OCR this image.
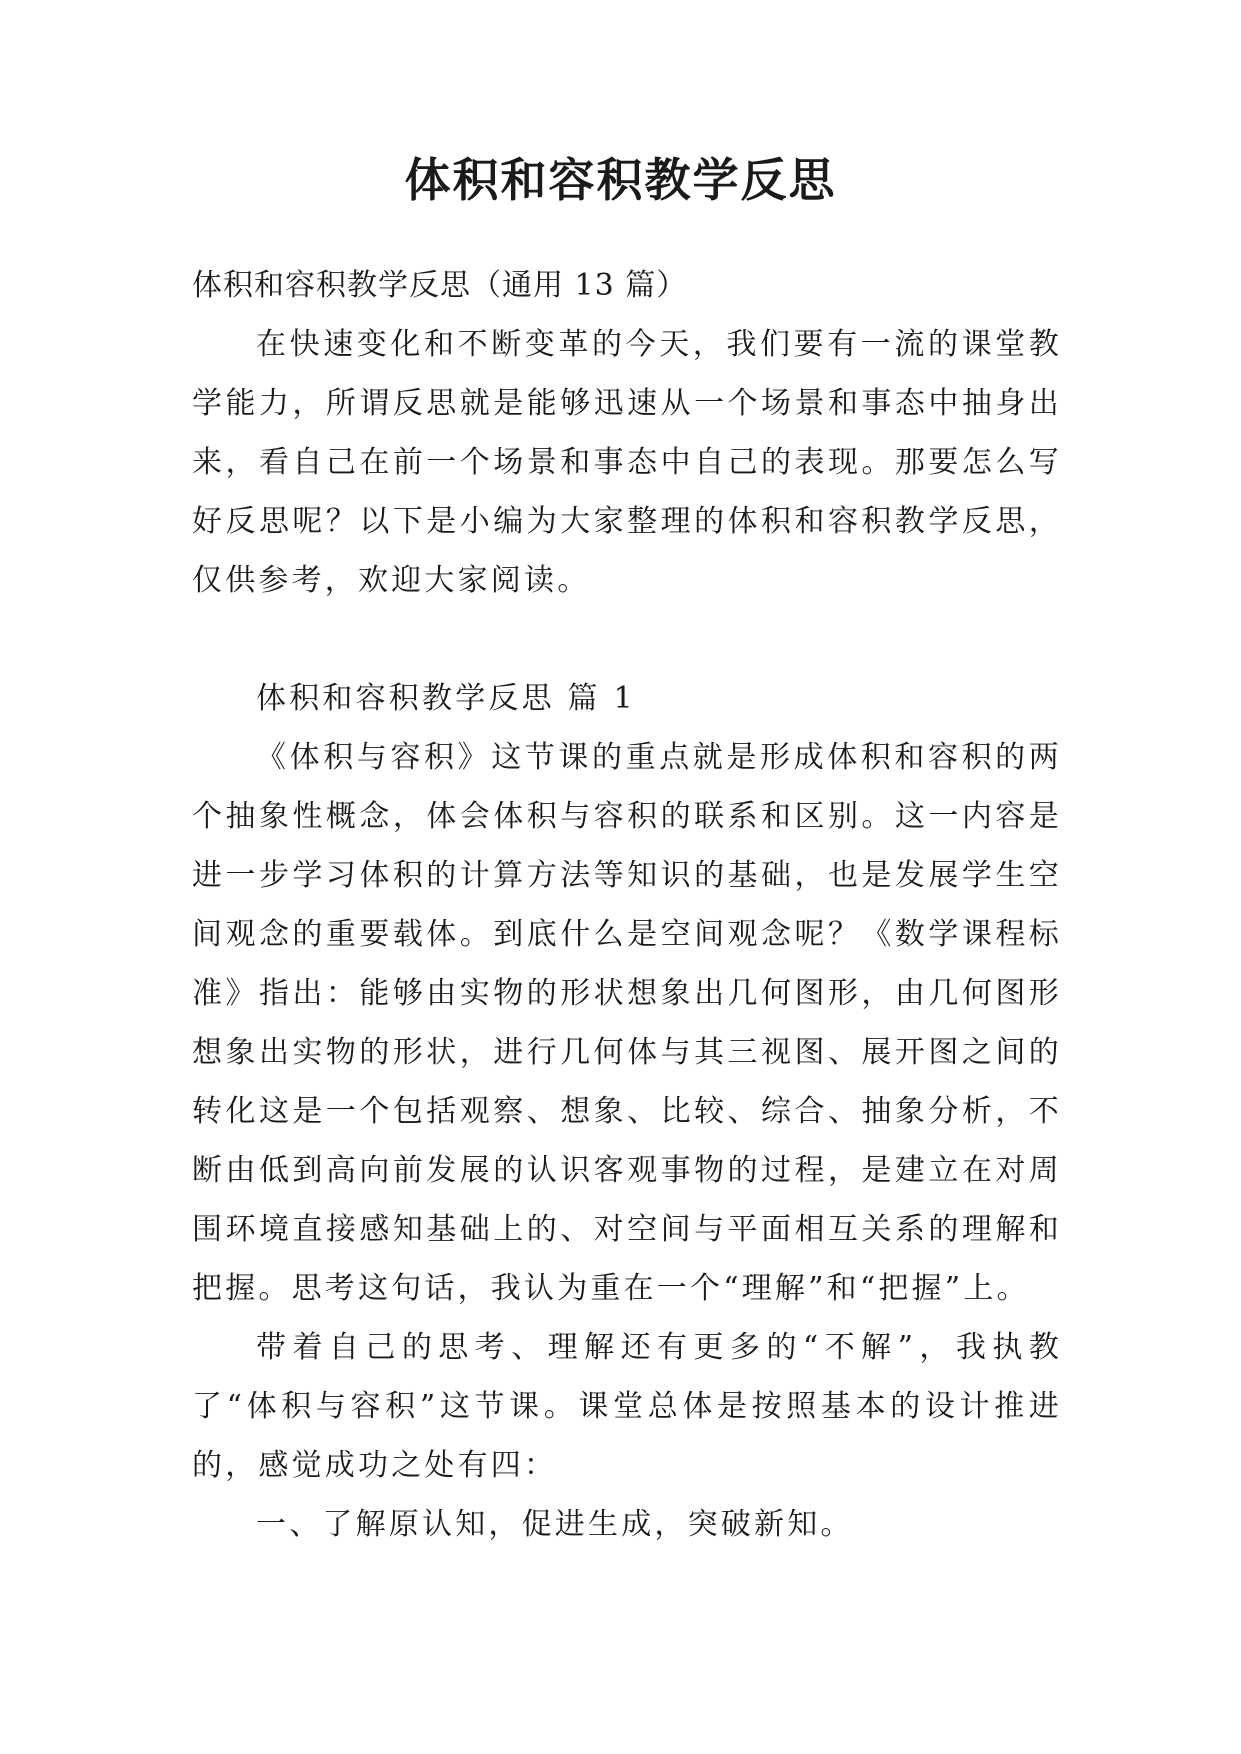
体积和容积教学反思

体积和容积教学反思（通用 13 篇）

在快速变化和不断变革的今天，我们要有一流的课堂教学能力，所谓反思就是能够迅速从一个场景和事态中抽身出来，看自己在前一个场景和事态中自己的表现。那要怎么写好反思呢？以下是小编为大家整理的体积和容积教学反思，仅供参考，欢迎大家阅读。

体积和容积教学反思 篇 1

《体积与容积》这节课的重点就是形成体积和容积的两个抽象性概念，体会体积与容积的联系和区别。这一内容是进一步学习体积的计算方法等知识的基础，也是发展学生空间观念的重要载体。到底什么是空间观念呢？《数学课程标准》指出：能够由实物的形状想象出几何图形，由几何图形想象出实物的形状，进行几何体与其三视图、展开图之间的转化这是一个包括观察、想象、比较、综合、抽象分析，不断由低到高向前发展的认识客观事物的过程，是建立在对周围环境直接感知基础上的、对空间与平面相互关系的理解和把握。思考这句话，我认为重在一个“理解”和“把握”上。

带着自己的思考、理解还有更多的“不解”，我执教了“体积与容积”这节课。课堂总体是按照基本的设计推进的，感觉成功之处有四：

一、了解原认知，促进生成，突破新知。
